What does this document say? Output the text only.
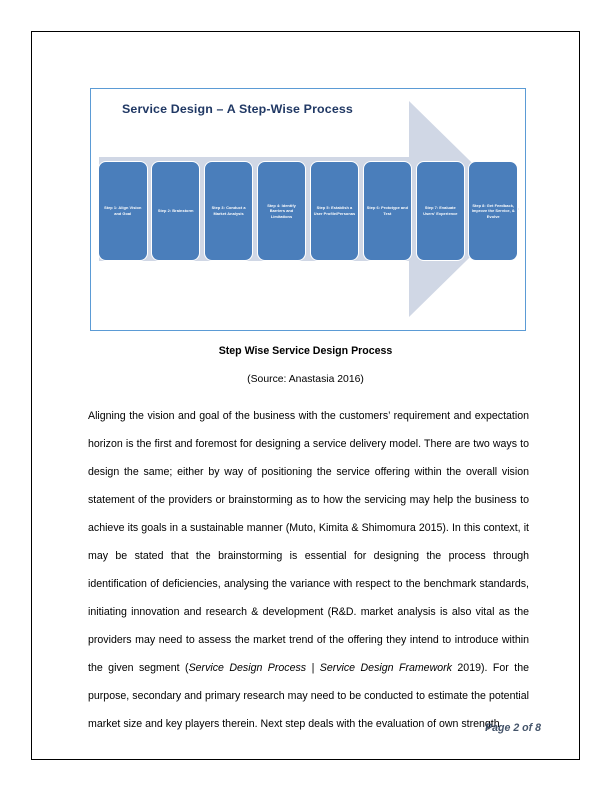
Service Design – A Step-Wise Process
Step 1: Align Vision and Goal
Step 2: Brainstorm
Step 3: Conduct a Market Analysis
Step 4: Identify Barriers and Limitations
Step 5: Establish a User Profile/Personas
Step 6: Prototype and Test
Step 7: Evaluate Users' Experience
Step 8: Get Feedback, Improve the Service, & Evolve
Step Wise Service Design Process
(Source: Anastasia 2016)
Aligning the vision and goal of the business with the customers’ requirement and expectation horizon is the first and foremost for designing a service delivery model. There are two ways to design the same; either by way of positioning the service offering within the overall vision statement of the providers or brainstorming as to how the servicing may help the business to achieve its goals in a sustainable manner (Muto, Kimita & Shimomura 2015). In this context, it may be stated that the brainstorming is essential for designing the process through identification of deficiencies, analysing the variance with respect to the benchmark standards, initiating innovation and research & development (R&D. market analysis is also vital as the providers may need to assess the market trend of the offering they intend to introduce within the given segment (Service Design Process | Service Design Framework 2019). For the purpose, secondary and primary research may need to be conducted to estimate the potential market size and key players therein. Next step deals with the evaluation of own strength
Page 2 of 8
